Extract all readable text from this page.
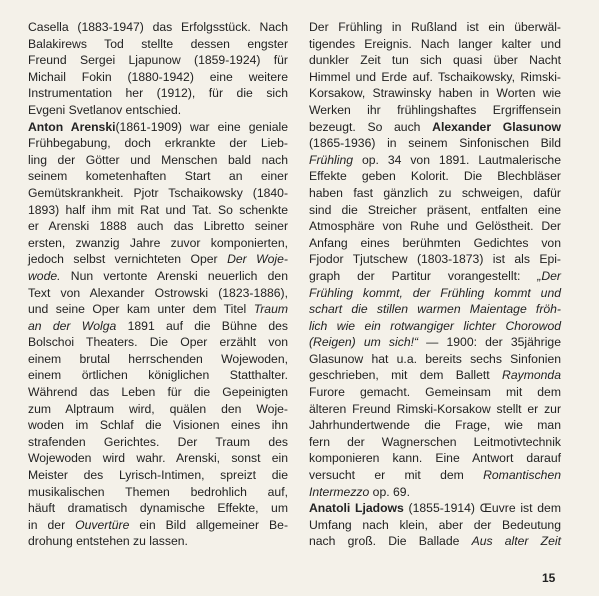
Casella (1883-1947) das Erfolgsstück. Nach
Balakirews Tod stellte dessen engster
Freund Sergei Ljapunow (1859-1924) für
Michail Fokin (1880-1942) eine weitere
Instrumentation her (1912), für die sich
Evgeni Svetlanov entschied.
Anton Arenski(1861-1909) war eine geniale
Frühbegabung, doch erkrankte der Lieb-
ling der Götter und Menschen bald nach
seinem kometenhaften Start an einer
Gemütskrankheit. Pjotr Tschaikowsky (1840-
1893) half ihm mit Rat und Tat. So schenkte
er Arenski 1888 auch das Libretto seiner
ersten, zwanzig Jahre zuvor komponierten,
jedoch selbst vernichteten Oper Der Woje-
wode. Nun vertonte Arenski neuerlich den
Text von Alexander Ostrowski (1823-1886),
und seine Oper kam unter dem Titel Traum
an der Wolga 1891 auf die Bühne des
Bolschoi Theaters. Die Oper erzählt von
einem brutal herrschenden Wojewoden,
einem örtlichen königlichen Statthalter.
Während das Leben für die Gepeinigten
zum Alptraum wird, quälen den Woje-
woden im Schlaf die Visionen eines ihn
strafenden Gerichtes. Der Traum des
Wojewoden wird wahr. Arenski, sonst ein
Meister des Lyrisch-Intimen, spreizt die
musikalischen Themen bedrohlich auf,
häuft dramatisch dynamische Effekte, um
in der Ouvertüre ein Bild allgemeiner Be-
drohung entstehen zu lassen.
Der Frühling in Rußland ist ein überwäl-
tigendes Ereignis. Nach langer kalter und
dunkler Zeit tun sich quasi über Nacht
Himmel und Erde auf. Tschaikowsky, Rimski-
Korsakow, Strawinsky haben in Worten wie
Werken ihr frühlingshaftes Ergriffensein
bezeugt. So auch Alexander Glasunow
(1865-1936) in seinem Sinfonischen Bild
Frühling op. 34 von 1891. Lautmalerische
Effekte geben Kolorit. Die Blechbläser
haben fast gänzlich zu schweigen, dafür
sind die Streicher präsent, entfalten eine
Atmosphäre von Ruhe und Gelöstheit. Der
Anfang eines berühmten Gedichtes von
Fjodor Tjutschew (1803-1873) ist als Epi-
graph der Partitur vorangestellt: „Der
Frühling kommt, der Frühling kommt und
schart die stillen warmen Maientage fröh-
lich wie ein rotwangiger lichter Chorowod
(Reigen) um sich!“ — 1900: der 35jährige
Glasunow hat u.a. bereits sechs Sinfonien
geschrieben, mit dem Ballett Raymonda
Furore gemacht. Gemeinsam mit dem
älteren Freund Rimski-Korsakow stellt er zur
Jahrhundertwende die Frage, wie man
fern der Wagnerschen Leitmotivtechnik
komponieren kann. Eine Antwort darauf
versucht er mit dem Romantischen
Intermezzo op. 69.
Anatoli Ljadows (1855-1914) Œuvre ist dem
Umfang nach klein, aber der Bedeutung
nach groß. Die Ballade Aus alter Zeit
15
